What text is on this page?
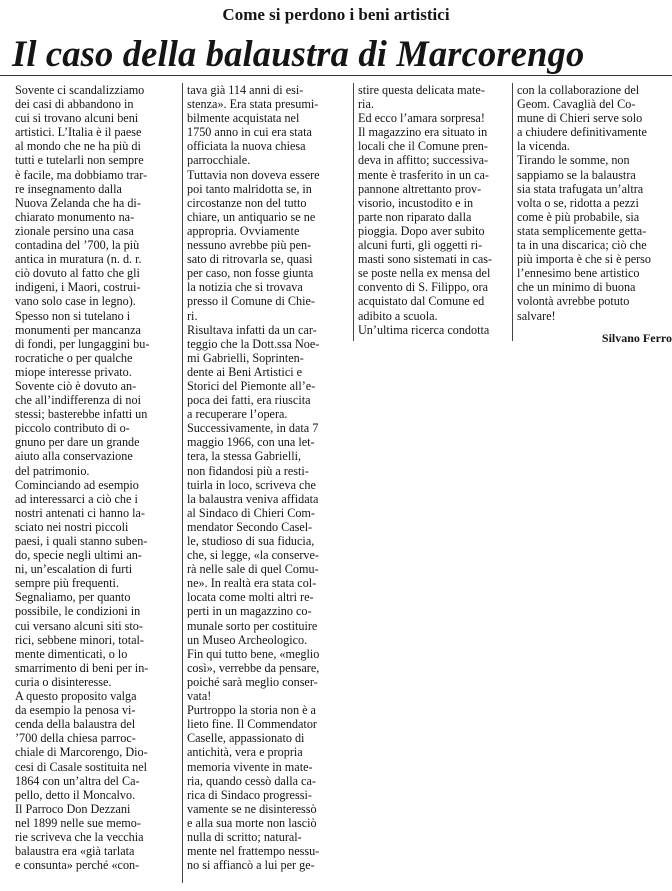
Come si perdono i beni artistici
Il caso della balaustra di Marcorengo
Sovente ci scandalizziamo
dei casi di abbandono in
cui si trovano alcuni beni
artistici. L’Italia è il paese
al mondo che ne ha più di
tutti e tutelarli non sempre
è facile, ma dobbiamo trar-
re insegnamento dalla
Nuova Zelanda che ha di-
chiarato monumento na-
zionale persino una casa
contadina del ’700, la più
antica in muratura (n. d. r.
ciò dovuto al fatto che gli
indigeni, i Maori, costrui-
vano solo case in legno).
Spesso non si tutelano i
monumenti per mancanza
di fondi, per lungaggini bu-
rocratiche o per qualche
miope interesse privato.
Sovente ciò è dovuto an-
che all’indifferenza di noi
stessi; basterebbe infatti un
piccolo contributo di o-
gnuno per dare un grande
aiuto alla conservazione
del patrimonio.
Cominciando ad esempio
ad interessarci a ciò che i
nostri antenati ci hanno la-
sciato nei nostri piccoli
paesi, i quali stanno suben-
do, specie negli ultimi an-
ni, un’escalation di furti
sempre più frequenti.
Segnaliamo, per quanto
possibile, le condizioni in
cui versano alcuni siti sto-
rici, sebbene minori, total-
mente dimenticati, o lo
smarrimento di beni per in-
curia o disinteresse.
A questo proposito valga
da esempio la penosa vi-
cenda della balaustra del
’700 della chiesa parroc-
chiale di Marcorengo, Dio-
cesi di Casale sostituita nel
1864 con un’altra del Ca-
pello, detto il Moncalvo.
Il Parroco Don Dezzani
nel 1899 nelle sue memo-
rie scriveva che la vecchia
balaustra era «già tarlata
e consunta» perché «con-
tava già 114 anni di esi-
stenza». Era stata presumi-
bilmente acquistata nel
1750 anno in cui era stata
officiata la nuova chiesa
parrocchiale.
Tuttavia non doveva essere
poi tanto malridotta se, in
circostanze non del tutto
chiare, un antiquario se ne
appropria. Ovviamente
nessuno avrebbe più pen-
sato di ritrovarla se, quasi
per caso, non fosse giunta
la notizia che si trovava
presso il Comune di Chie-
ri.
Risultava infatti da un car-
teggio che la Dott.ssa Noe-
mi Gabrielli, Soprinten-
dente ai Beni Artistici e
Storici del Piemonte all’e-
poca dei fatti, era riuscita
a recuperare l’opera.
Successivamente, in data 7
maggio 1966, con una let-
tera, la stessa Gabrielli,
non fidandosi più a resti-
tuirla in loco, scriveva che
la balaustra veniva affidata
al Sindaco di Chieri Com-
mendator Secondo Casel-
le, studioso di sua fiducia,
che, si legge, «la conserve-
rà nelle sale di quel Comu-
ne». In realtà era stata col-
locata come molti altri re-
perti in un magazzino co-
munale sorto per costituire
un Museo Archeologico.
Fin qui tutto bene, «meglio
così», verrebbe da pensare,
poiché sarà meglio conser-
vata!
Purtroppo la storia non è a
lieto fine. Il Commendator
Caselle, appassionato di
antichità, vera e propria
memoria vivente in mate-
ria, quando cessò dalla ca-
rica di Sindaco progressi-
vamente se ne disinteressò
e alla sua morte non lasciò
nulla di scritto; natural-
mente nel frattempo nessu-
no si affiancò a lui per ge-
stire questa delicata mate-
ria.
Ed ecco l’amara sorpresa!
Il magazzino era situato in
locali che il Comune pren-
deva in affitto; successiva-
mente è trasferito in un ca-
pannone altrettanto prov-
visorio, incustodito e in
parte non riparato dalla
pioggia. Dopo aver subito
alcuni furti, gli oggetti ri-
masti sono sistemati in cas-
se poste nella ex mensa del
convento di S. Filippo, ora
acquistato dal Comune ed
adibito a scuola.
Un’ultima ricerca condotta
con la collaborazione del
Geom. Cavaglià del Co-
mune di Chieri serve solo
a chiudere definitivamente
la vicenda.
Tirando le somme, non
sappiamo se la balaustra
sia stata trafugata un’altra
volta o se, ridotta a pezzi
come è più probabile, sia
stata semplicemente getta-
ta in una discarica; ciò che
più importa è che si è perso
l’ennesimo bene artistico
che un minimo di buona
volontà avrebbe potuto
salvare!
Silvano Ferro
